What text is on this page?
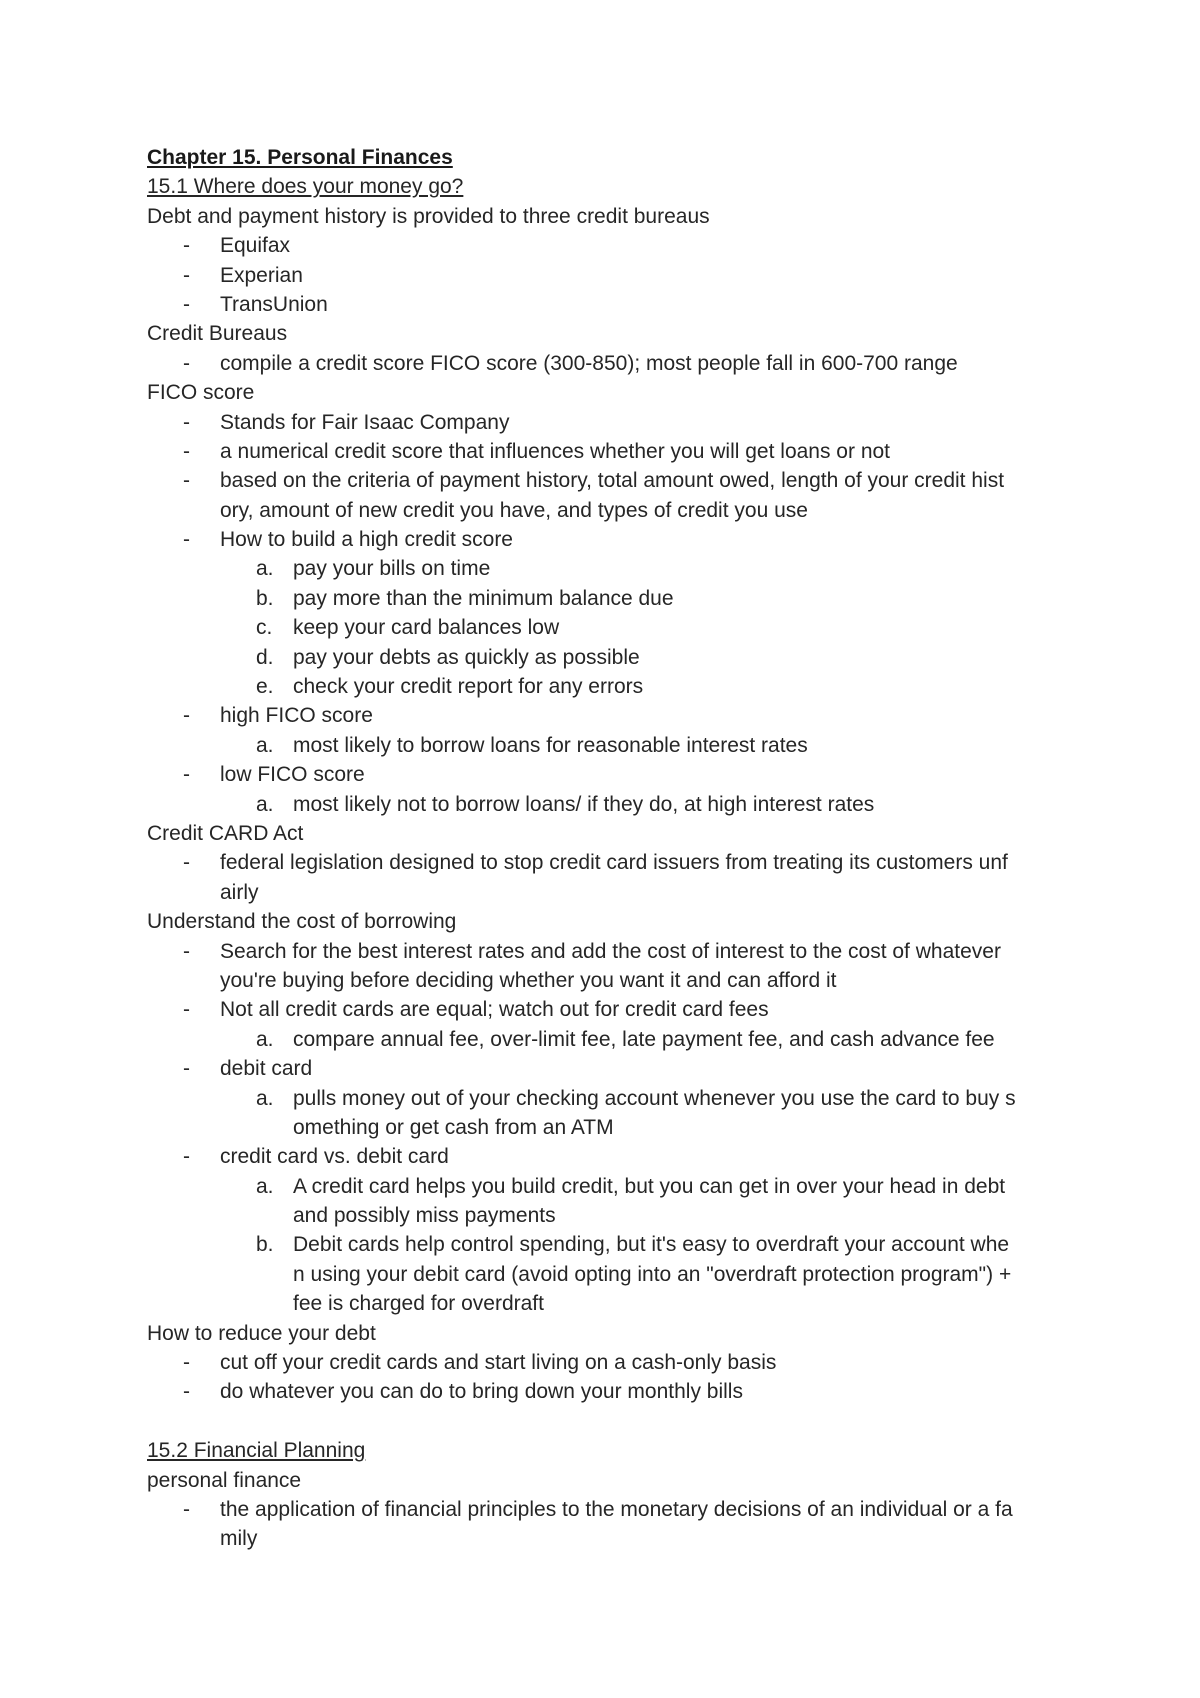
Chapter 15. Personal Finances
15.1 Where does your money go?
Debt and payment history is provided to three credit bureaus
- Equifax
- Experian
- TransUnion
Credit Bureaus
- compile a credit score FICO score (300-850); most people fall in 600-700 range
FICO score
- Stands for Fair Isaac Company
- a numerical credit score that influences whether you will get loans or not
- based on the criteria of payment history, total amount owed, length of your credit hist
ory, amount of new credit you have, and types of credit you use
- How to build a high credit score
a. pay your bills on time
b. pay more than the minimum balance due
c. keep your card balances low
d. pay your debts as quickly as possible
e. check your credit report for any errors
- high FICO score
a. most likely to borrow loans for reasonable interest rates
- low FICO score
a. most likely not to borrow loans/ if they do, at high interest rates
Credit CARD Act
- federal legislation designed to stop credit card issuers from treating its customers unf
airly
Understand the cost of borrowing
- Search for the best interest rates and add the cost of interest to the cost of whatever
you're buying before deciding whether you want it and can afford it
- Not all credit cards are equal; watch out for credit card fees
a. compare annual fee, over-limit fee, late payment fee, and cash advance fee
- debit card
a. pulls money out of your checking account whenever you use the card to buy s
omething or get cash from an ATM
- credit card vs. debit card
a. A credit card helps you build credit, but you can get in over your head in debt
and possibly miss payments
b. Debit cards help control spending, but it's easy to overdraft your account whe
n using your debit card (avoid opting into an "overdraft protection program") +
fee is charged for overdraft
How to reduce your debt
- cut off your credit cards and start living on a cash-only basis
- do whatever you can do to bring down your monthly bills
15.2 Financial Planning
personal finance
- the application of financial principles to the monetary decisions of an individual or a fa
mily
